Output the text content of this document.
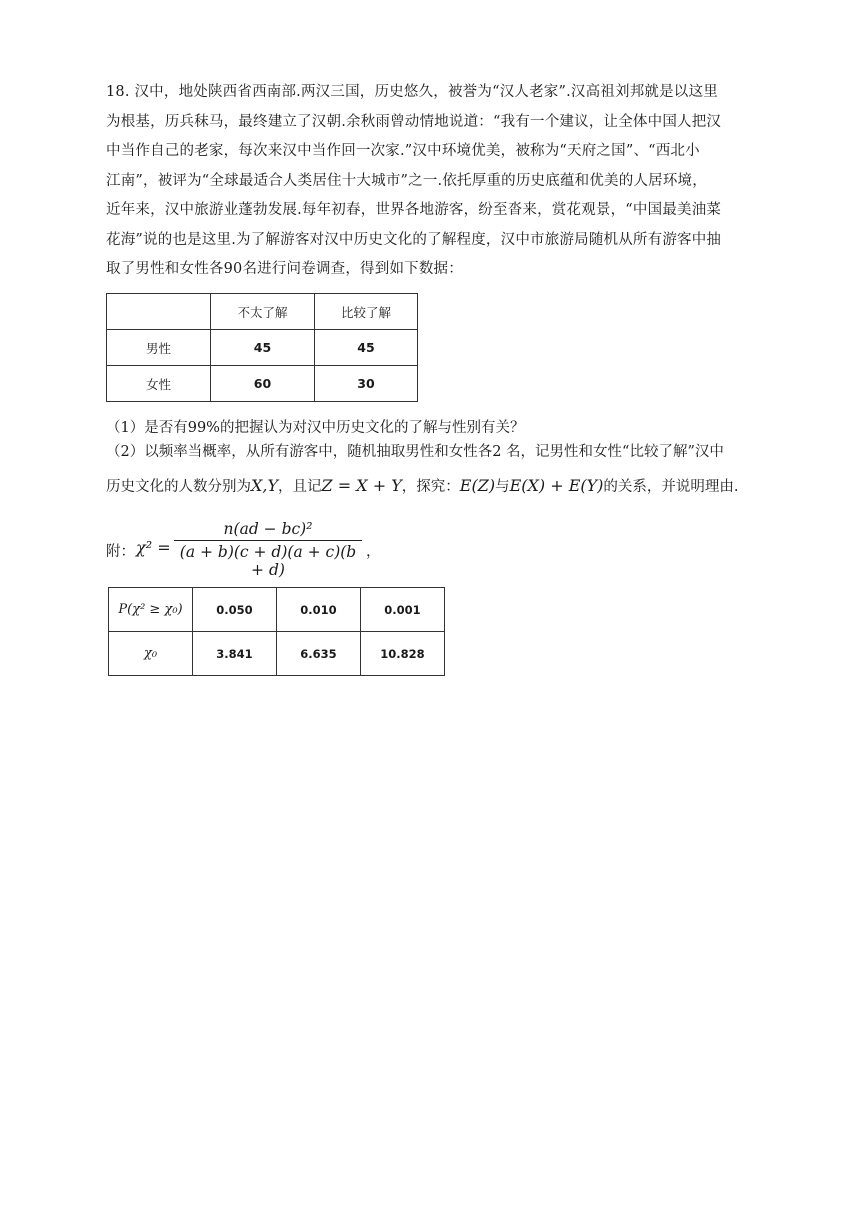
18. 汉中，地处陕西省西南部.两汉三国，历史悠久，被誉为“汉人老家”.汉高祖刘邦就是以这里

为根基，历兵秣马，最终建立了汉朝.余秋雨曾动情地说道：“我有一个建议，让全体中国人把汉

中当作自己的老家，每次来汉中当作回一次家.”汉中环境优美，被称为“天府之国”、“西北小

江南”，被评为“全球最适合人类居住十大城市”之一.依托厚重的历史底蕴和优美的人居环境，

近年来，汉中旅游业蓬勃发展.每年初春，世界各地游客，纷至沓来，赏花观景，“中国最美油菜

花海”说的也是这里.为了解游客对汉中历史文化的了解程度，汉中市旅游局随机从所有游客中抽

取了男性和女性各90名进行问卷调查，得到如下数据：

	不太了解	比较了解
男性	45	45
女性	60	30
（1）是否有99%的把握认为对汉中历史文化的了解与性别有关？
（2）以频率当概率，从所有游客中，随机抽取男性和女性各2 名，记男性和女性“比较了解”汉中
历史文化的人数分别为X,Y，且记Z = X + Y，探究：E(Z)与E(X) + E(Y)的关系，并说明理由.
附： χ² =
n(ad − bc)²
(a + b)(c + d)(a + c)(b + d)
，
P(χ² ≥ χ₀)	0.050	0.010	0.001
χ₀	3.841	6.635	10.828
